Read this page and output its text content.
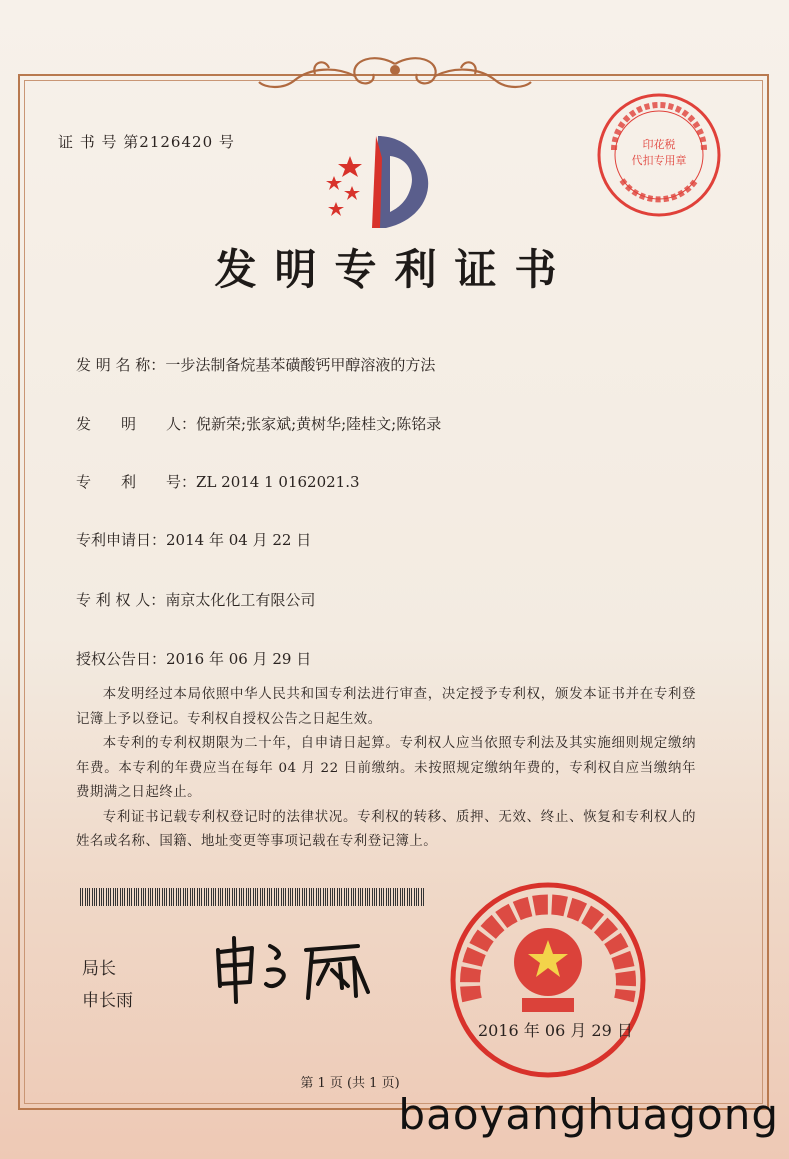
证 书 号 第2126420 号	印花税
代扣专用章
发明专利证书
发 明 名 称：一步法制备烷基苯磺酸钙甲醇溶液的方法
发　　明　　人：倪新荣;张家斌;黄树华;陸桂文;陈铭录
专　　利　　号：ZL 2014 1 0162021.3
专利申请日：2014 年 04 月 22 日
专 利 权 人：南京太化化工有限公司
授权公告日：2016 年 06 月 29 日

本发明经过本局依照中华人民共和国专利法进行审查，决定授予专利权，颁发本证书并在专利登记簿上予以登记。专利权自授权公告之日起生效。

本专利的专利权期限为二十年，自申请日起算。专利权人应当依照专利法及其实施细则规定缴纳年费。本专利的年费应当在每年 04 月 22 日前缴纳。未按照规定缴纳年费的，专利权自应当缴纳年费期满之日起终止。

专利证书记载专利权登记时的法律状况。专利权的转移、质押、无效、终止、恢复和专利权人的姓名或名称、国籍、地址变更等事项记载在专利登记簿上。

局长
申长雨
2016 年 06 月 29 日
第 1 页 (共 1 页)
baoyanghuagong
